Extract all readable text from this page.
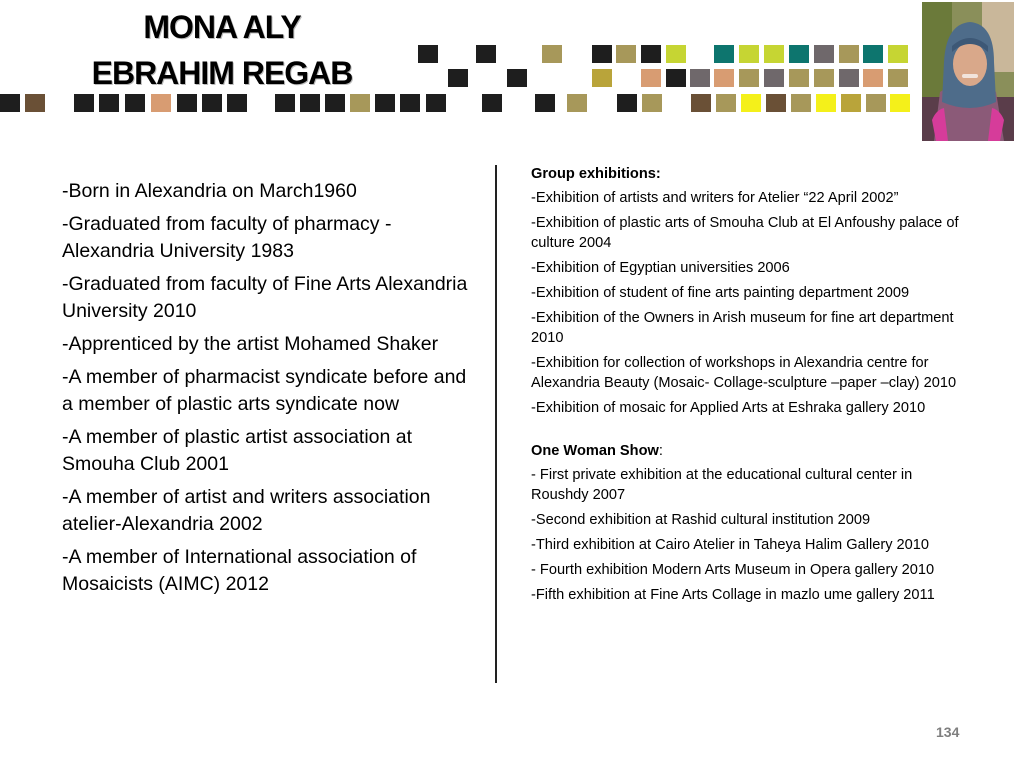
MONA ALY
EBRAHIM REGAB

-Born in Alexandria on March1960

-Graduated from faculty of pharmacy - Alexandria University 1983

-Graduated from faculty of Fine Arts Alexandria University 2010

-Apprenticed by the artist Mohamed Shaker

-A member of pharmacist syndicate before and a member of plastic arts syndicate now

-A member of plastic artist association at Smouha Club 2001

-A member of artist and writers association atelier-Alexandria 2002

-A member of International association of Mosaicists (AIMC) 2012

Group exhibitions:

-Exhibition of artists and writers for Atelier “22 April 2002”

-Exhibition of plastic arts of Smouha Club at El Anfoushy palace of culture 2004

-Exhibition of Egyptian universities 2006

-Exhibition of student of fine arts painting department 2009

-Exhibition of the Owners in Arish museum for fine art department 2010

-Exhibition for collection of workshops in Alexandria centre for Alexandria Beauty (Mosaic- Collage-sculpture –paper –clay) 2010

-Exhibition of mosaic for Applied Arts at Eshraka gallery 2010

One Woman Show:

- First private exhibition at the educational cultural center in Roushdy 2007

-Second exhibition at Rashid cultural institution 2009

-Third exhibition at Cairo Atelier in Taheya Halim Gallery 2010

- Fourth exhibition Modern Arts Museum in Opera gallery 2010

-Fifth exhibition at Fine Arts Collage in mazlo ume gallery 2011

134
